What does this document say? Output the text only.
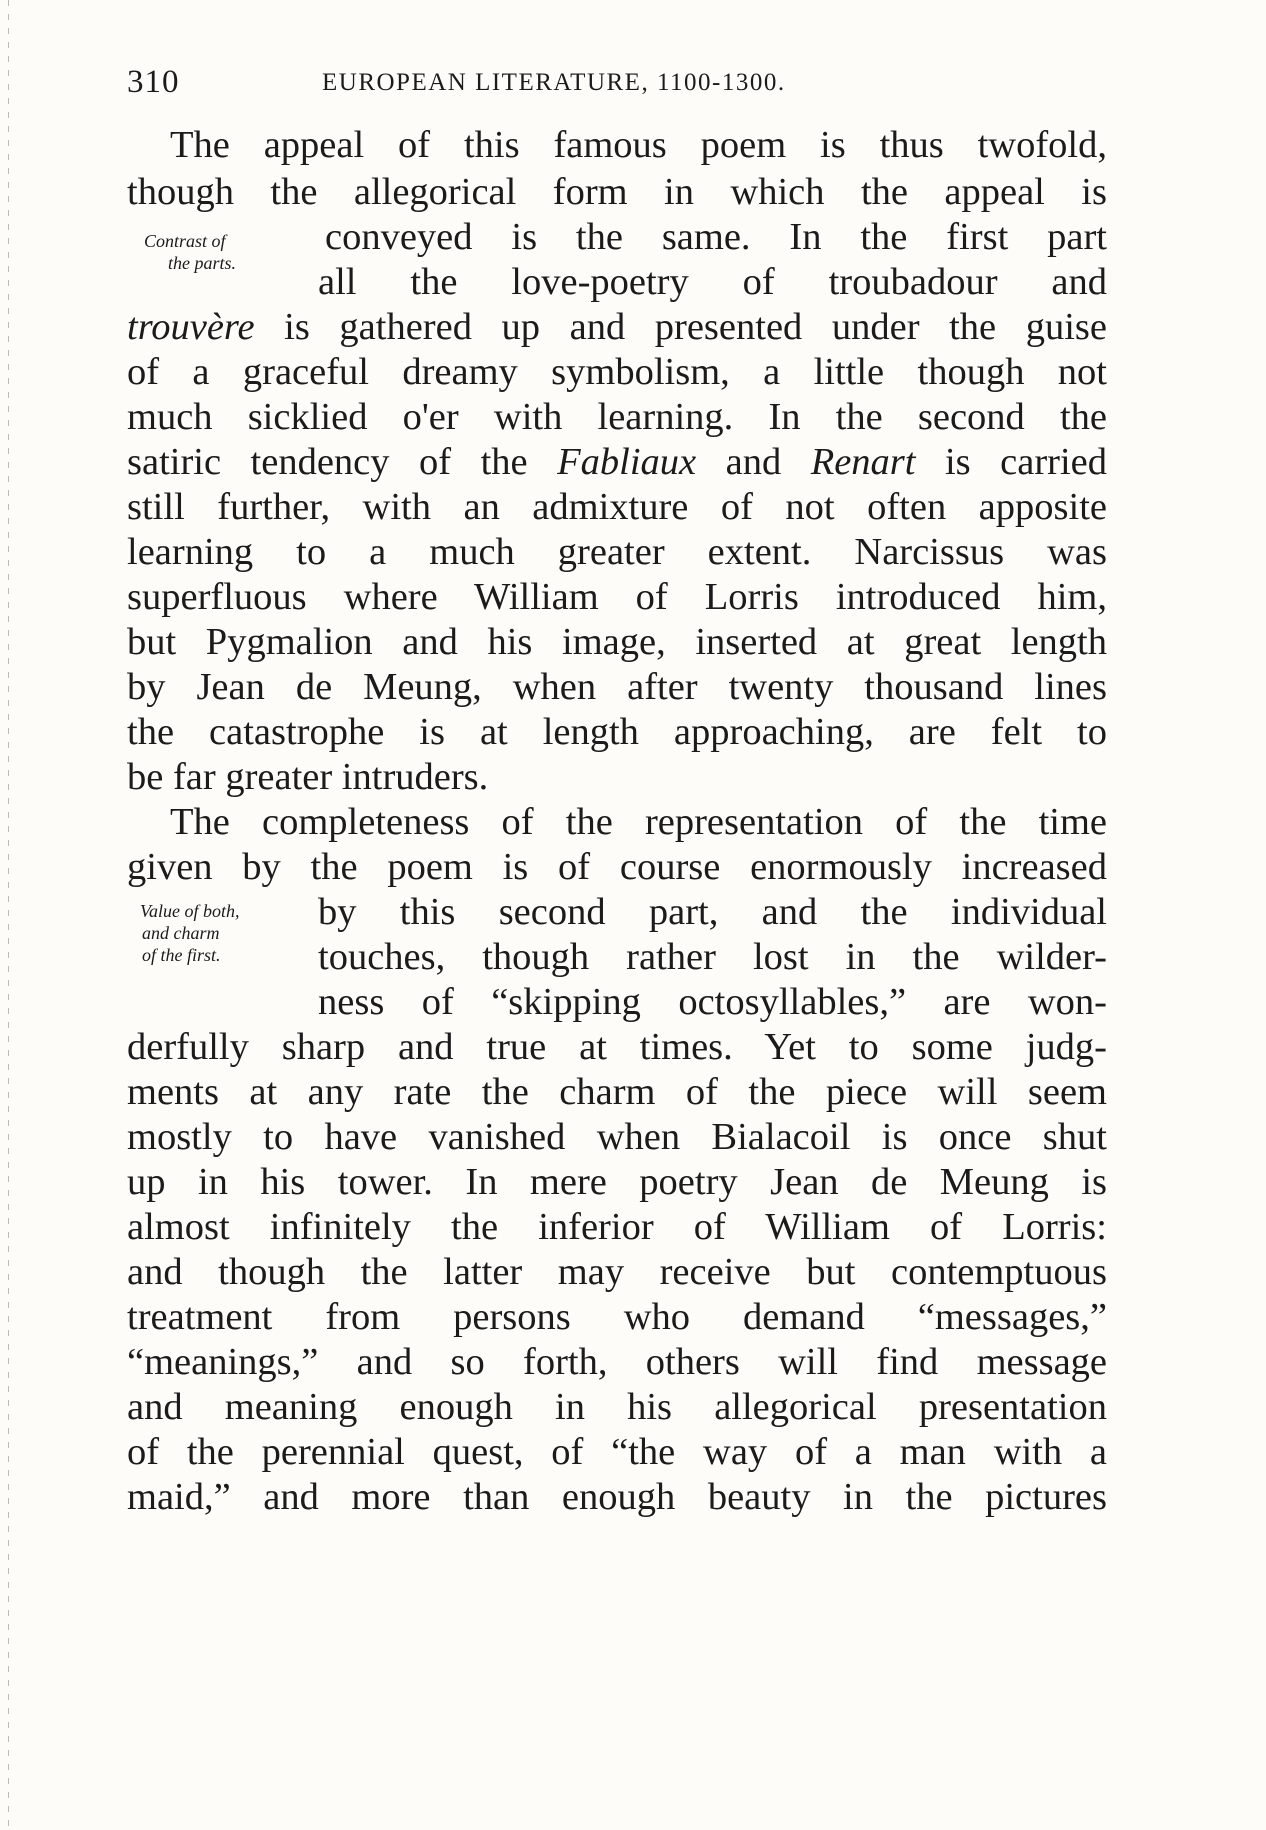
310	EUROPEAN LITERATURE, 1100-1300.
Contrast of
the parts.
Value of both,
and charm
of the first.
The appeal of this famous poem is thus twofold,
though the allegorical form in which the appeal is
conveyed is the same. In the first part
all the love-poetry of troubadour and
trouvère is gathered up and presented under the guise
of a graceful dreamy symbolism, a little though not
much sicklied o'er with learning. In the second the
satiric tendency of the Fabliaux and Renart is carried
still further, with an admixture of not often apposite
learning to a much greater extent. Narcissus was
superfluous where William of Lorris introduced him,
but Pygmalion and his image, inserted at great length
by Jean de Meung, when after twenty thousand lines
the catastrophe is at length approaching, are felt to
be far greater intruders.
The completeness of the representation of the time
given by the poem is of course enormously increased
by this second part, and the individual
touches, though rather lost in the wilder-
ness of “skipping octosyllables,” are won-
derfully sharp and true at times. Yet to some judg-
ments at any rate the charm of the piece will seem
mostly to have vanished when Bialacoil is once shut
up in his tower. In mere poetry Jean de Meung is
almost infinitely the inferior of William of Lorris:
and though the latter may receive but contemptuous
treatment from persons who demand “messages,”
“meanings,” and so forth, others will find message
and meaning enough in his allegorical presentation
of the perennial quest, of “the way of a man with a
maid,” and more than enough beauty in the pictures
